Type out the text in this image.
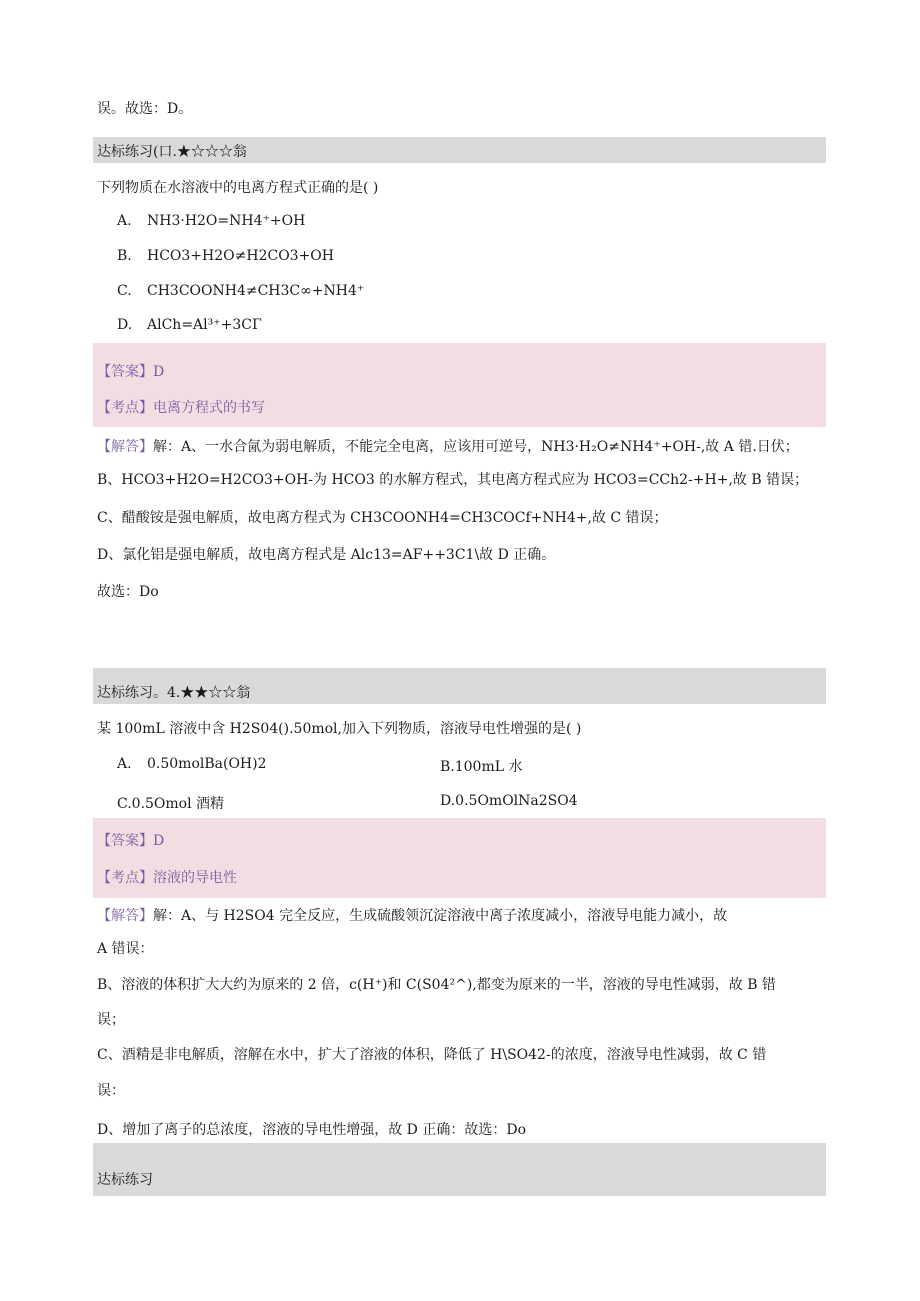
误。故选：D。
达标练习(口.★☆☆☆翁
下列物质在水溶液中的电离方程式正确的是( )
A. NH3·H2O=NH4⁺+OH
B. HCO3+H2O≠H2CO3+OH
C. CH3COONH4≠CH3C∞+NH4⁺
D. AlCh=Al³⁺+3CΓ
【答案】D
【考点】电离方程式的书写
【解答】解：A、一水合氤为弱电解质，不能完全电离，应该用可逆号，NH3·H₂O≠NH4⁺+OH-,故 A 错.日伏；
B、HCO3+H2O=H2CO3+OH-为 HCO3 的水解方程式，其电离方程式应为 HCO3=CCh2-+H+,故 B 错误；
C、醋酸铵是强电解质，故电离方程式为 CH3COONH4=CH3COCf+NH4+,故 C 错误；
D、氯化铝是强电解质，故电离方程式是 Alc13=AF++3C1\故 D 正确。
故选：Do
达标练习。4.★★☆☆翁
某 100mL 溶液中含 H2S04().50mol,加入下列物质，溶液导电性增强的是( )
A. 0.50molBa(OH)2	B.100mL 水
C.0.5Omol 酒精	D.0.5OmOlNa2SO4
【答案】D
【考点】溶液的导电性
【解答】解：A、与 H2SO4 完全反应，生成硫酸领沉淀溶液中离子浓度减小，溶液导电能力减小，故
A 错误：
B、溶液的体积扩大大约为原来的 2 倍，c(H⁺)和 C(S04²^),都变为原来的一半，溶液的导电性减弱，故 B 错
误；
C、酒精是非电解质，溶解在水中，扩大了溶液的体积，降低了 H\SO42-的浓度，溶液导电性减弱，故 C 错
误：
D、增加了离子的总浓度，溶液的导电性增强，故 D 正确：故选：Do
达标练习
